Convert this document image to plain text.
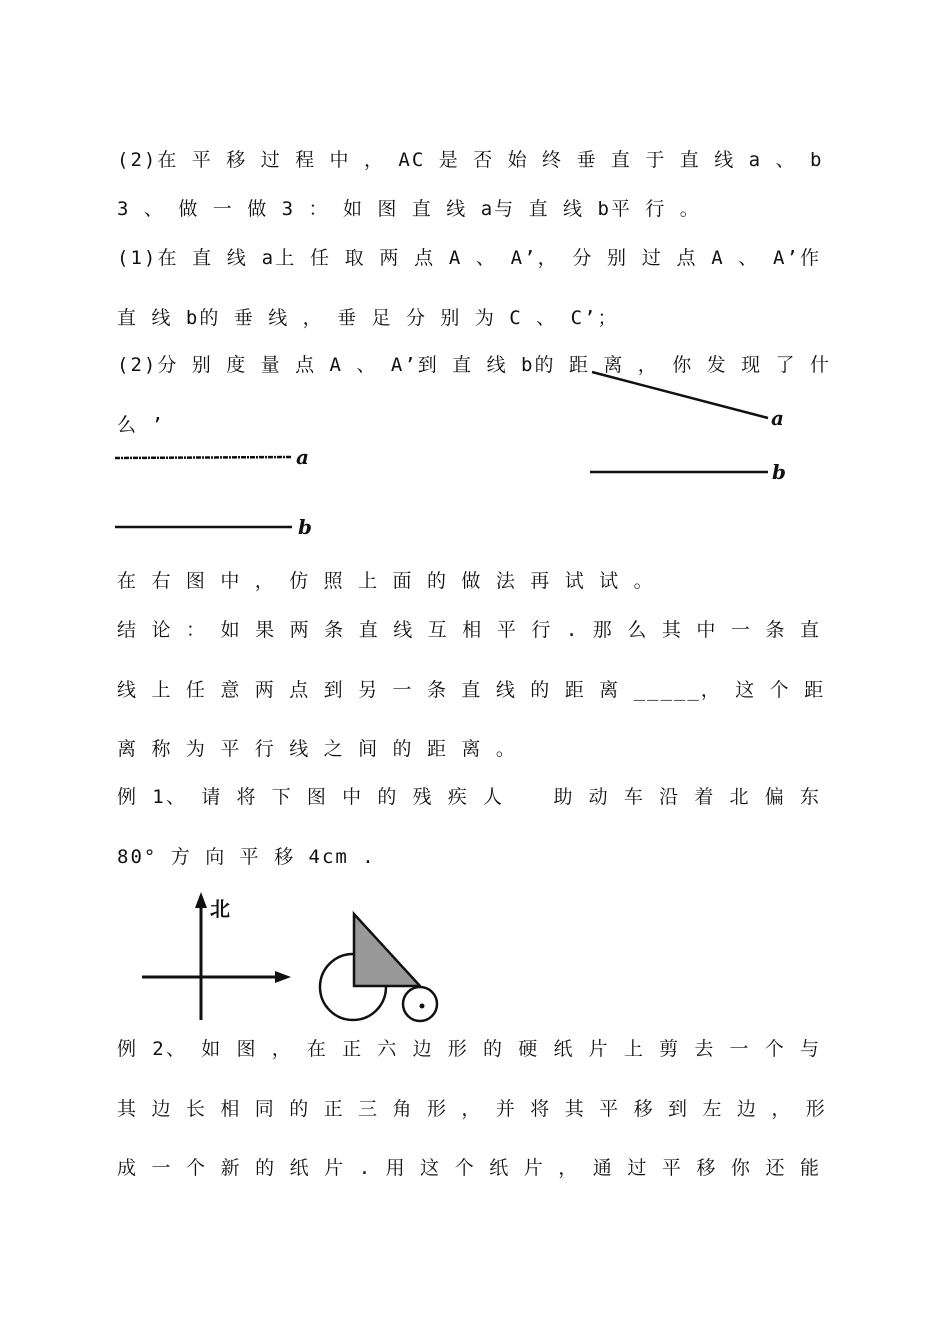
(2)在 平 移 过 程 中 ， AC 是 否 始 终 垂 直 于 直 线 a 、 b
3 、 做 一 做 3 ： 如 图 直 线 a与 直 线 b平 行 。
(1)在 直 线 a上 任 取 两 点 A 、 A’， 分 别 过 点 A 、 A’作
直 线 b的 垂 线 ， 垂 足 分 别 为 C 、 C’；
(2)分 别 度 量 点 A 、 A’到 直 线 b的 距 离 ， 你 发 现 了 什
么 ’
在 右 图 中 ， 仿 照 上 面 的 做 法 再 试 试 。
结 论 ： 如 果 两 条 直 线 互 相 平 行 . 那 么 其 中 一 条 直
线 上 任 意 两 点 到 另 一 条 直 线 的 距 离 _____， 这 个 距
离 称 为 平 行 线 之 间 的 距 离 。
例 1、 请 将 下 图 中 的 残 疾 人 　 助 动 车 沿 着 北 偏 东
80° 方 向 平 移 4cm .
例 2、 如 图 ， 在 正 六 边 形 的 硬 纸 片 上 剪 去 一 个 与
其 边 长 相 同 的 正 三 角 形 ， 并 将 其 平 移 到 左 边 ， 形
成 一 个 新 的 纸 片 . 用 这 个 纸 片 ， 通 过 平 移 你 还 能
a
b
a
b
北
